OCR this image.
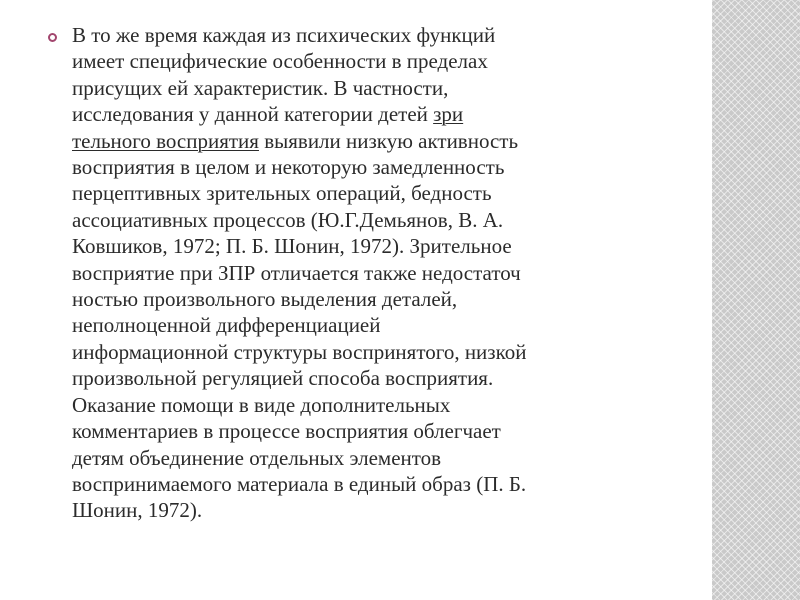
В то же время каждая из психических функций
имеет специфические особенности в пределах
присущих ей характеристик. В частности,
исследования у данной категории детей зри
тельного восприятия выявили низкую активность
восприятия в целом и некоторую замедленность
перцептивных зрительных операций, бедность
ассоциативных процессов (Ю.Г.Демьянов, В. А.
Ковшиков, 1972; П. Б. Шонин, 1972). Зрительное
восприятие при ЗПР отличается также недостаточ
ностью произвольного выделения деталей,
неполноценной дифференциацией
информационной структуры воспринятого, низкой
произвольной регуляцией способа восприятия.
Оказание помощи в виде дополнительных
комментариев в процессе восприятия облегчает
детям объединение отдельных элементов
воспринимаемого материала в единый образ (П. Б.
Шонин, 1972).
